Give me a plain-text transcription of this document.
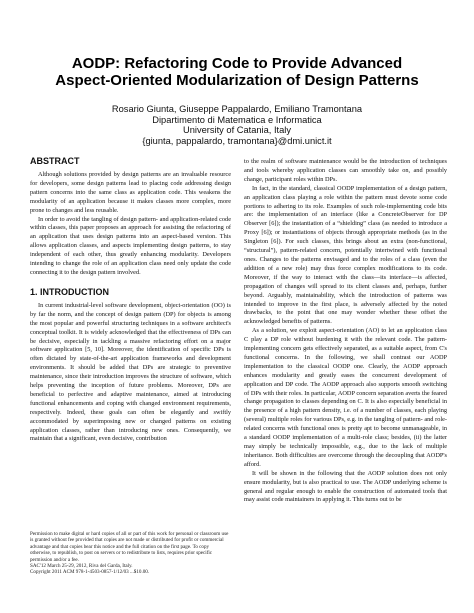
AODP: Refactoring Code to Provide Advanced
Aspect-Oriented Modularization of Design Patterns
Rosario Giunta, Giuseppe Pappalardo, Emiliano Tramontana
Dipartimento di Matematica e Informatica
University of Catania, Italy
{giunta, pappalardo, tramontana}@dmi.unict.it
ABSTRACT

Although solutions provided by design patterns are an invaluable resource for developers, some design patterns lead to placing code addressing design pattern concerns into the same class as application code. This weakens the modularity of an application because it makes classes more complex, more prone to changes and less reusable.

In order to avoid the tangling of design pattern- and application-related code within classes, this paper proposes an approach for assisting the refactoring of an application that uses design patterns into an aspect-based version. This allows application classes, and aspects implementing design patterns, to stay independent of each other, thus greatly enhancing modularity. Developers intending to change the role of an application class need only update the code connecting it to the design pattern involved.

1. INTRODUCTION

In current industrial-level software development, object-orientation (OO) is by far the norm, and the concept of design pattern (DP) for objects is among the most popular and powerful structuring techniques in a software architect's conceptual toolkit. It is widely acknowledged that the effectiveness of DPs can be decisive, especially in tackling a massive refactoring effort on a major software application [5, 10]. Moreover, the identification of specific DPs is often dictated by state-of-the-art application frameworks and development environments. It should be added that DPs are strategic to preventive maintenance, since their introduction improves the structure of software, which helps preventing the inception of future problems. Moreover, DPs are beneficial to perfective and adaptive maintenance, aimed at introducing functional enhancements and coping with changed environment requirements, respectively. Indeed, these goals can often be elegantly and swiftly accommodated by superimposing new or changed patterns on existing application classes, rather than introducing new ones. Consequently, we maintain that a significant, even decisive, contribution

Permission to make digital or hard copies of all or part of this work for personal or classroom use is granted without fee provided that copies are not made or distributed for profit or commercial advantage and that copies bear this notice and the full citation on the first page. To copy otherwise, to republish, to post on servers or to redistribute to lists, requires prior specific permission and/or a fee.
SAC'12 March 25-29, 2012, Riva del Garda, Italy.
Copyright 2011 ACM 978-1-4503-0857-1/12/03 ...$10.00.

to the realm of software maintenance would be the introduction of techniques and tools whereby application classes can smoothly take on, and possibly change, participant roles within DPs.

In fact, in the standard, classical OODP implementation of a design pattern, an application class playing a role within the pattern must devote some code portions to adhering to its role. Examples of such role-implementing code bits are: the implementation of an interface (like a ConcreteObserver for DP Observer [6]); the instantiation of a “shielding” class (as needed to introduce a Proxy [6]); or instantiations of objects through appropriate methods (as in the Singleton [6]). For such classes, this brings about an extra (non-functional, “structural”), pattern-related concern, potentially intertwined with functional ones. Changes to the patterns envisaged and to the roles of a class (even the addition of a new role) may thus force complex modifications to its code. Moreover, if the way to interact with the class—its interface—is affected, propagation of changes will spread to its client classes and, perhaps, further beyond. Arguably, maintainability, which the introduction of patterns was intended to improve in the first place, is adversely affected by the noted drawbacks, to the point that one may wonder whether these offset the acknowledged benefits of patterns.

As a solution, we exploit aspect-orientation (AO) to let an application class C play a DP role without burdening it with the relevant code. The pattern-implementing concern gets effectively separated, as a suitable aspect, from C's functional concerns. In the following, we shall contrast our AODP implementation to the classical OODP one. Clearly, the AODP approach enhances modularity and greatly eases the concurrent development of application and DP code. The AODP approach also supports smooth switching of DPs with their roles. In particular, AODP concern separation averts the feared change propagation to classes depending on C. It is also especially beneficial in the presence of a high pattern density, i.e. of a number of classes, each playing (several) multiple roles for various DPs, e.g. in the tangling of pattern- and role-related concerns with functional ones is pretty apt to become unmanageable, in a standard OODP implementation of a multi-role class; besides, (ii) the latter may simply be technically impossible, e.g., due to the lack of multiple inheritance. Both difficulties are overcome through the decoupling that AODP's afford.

It will be shown in the following that the AODP solution does not only ensure modularity, but is also practical to use. The AODP underlying scheme is general and regular enough to enable the construction of automated tools that may assist code maintainers in applying it. This turns out to be
